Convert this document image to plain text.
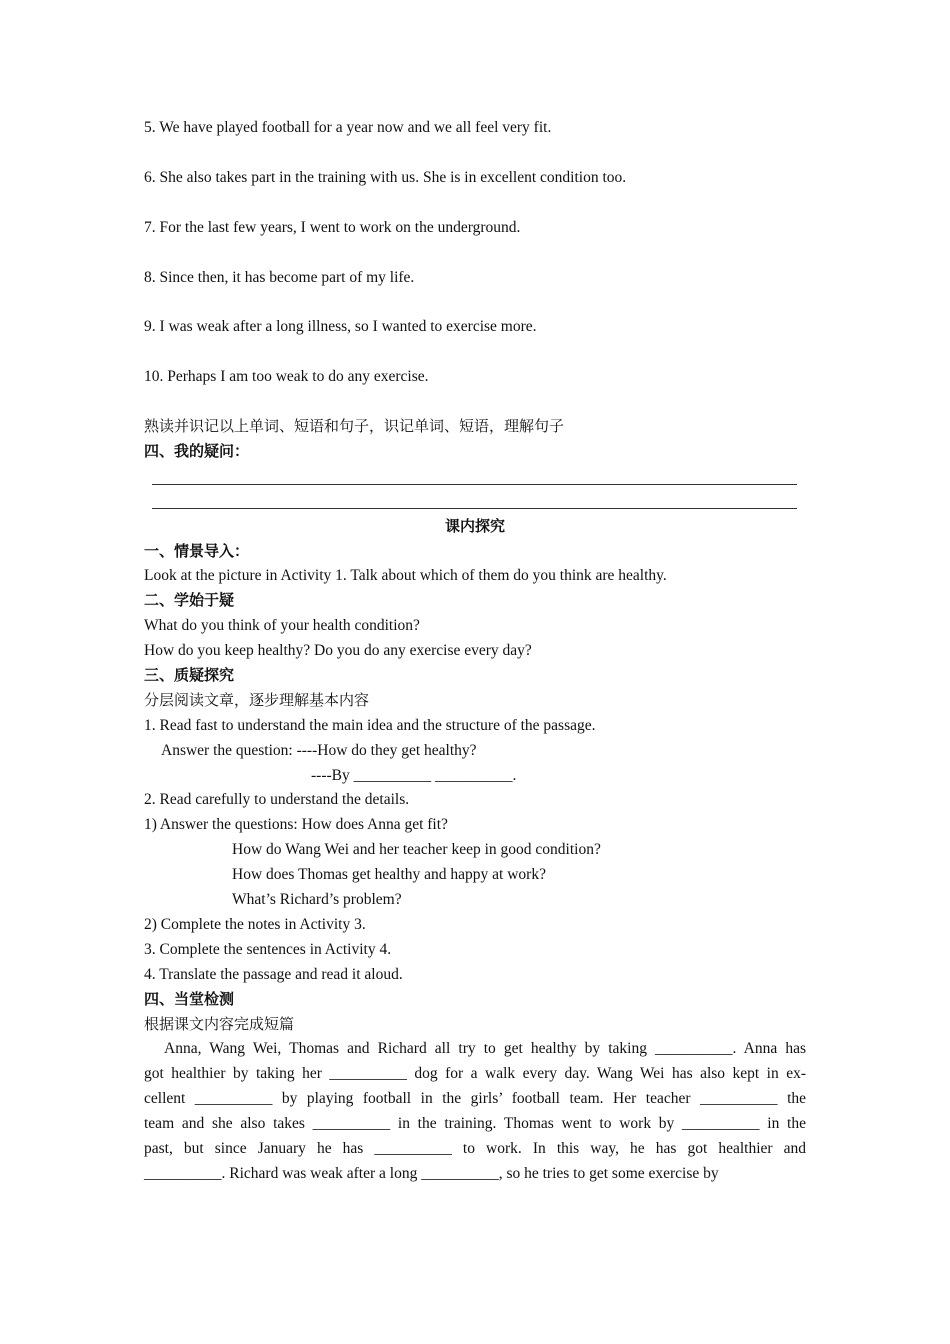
5. We have played football for a year now and we all feel very fit.
6. She also takes part in the training with us. She is in excellent condition too.
7. For the last few years, I went to work on the underground.
8. Since then, it has become part of my life.
9. I was weak after a long illness, so I wanted to exercise more.
10. Perhaps I am too weak to do any exercise.
熟读并识记以上单词、短语和句子，识记单词、短语，理解句子
四、我的疑问：
课内探究
一、情景导入：
Look at the picture in Activity 1. Talk about which of them do you think are healthy.
二、学始于疑
What do you think of your health condition?
How do you keep healthy? Do you do any exercise every day?
三、质疑探究
分层阅读文章，逐步理解基本内容
1. Read fast to understand the main idea and the structure of the passage.
Answer the question: ----How do they get healthy?
----By __________ __________.
2. Read carefully to understand the details.
1) Answer the questions: How does Anna get fit?
How do Wang Wei and her teacher keep in good condition?
How does Thomas get healthy and happy at work?
What’s Richard’s problem?
2) Complete the notes in Activity 3.
3. Complete the sentences in Activity 4.
4. Translate the passage and read it aloud.
四、当堂检测
根据课文内容完成短篇
Anna, Wang Wei, Thomas and Richard all try to get healthy by taking __________. Anna has
got healthier by taking her __________ dog for a walk every day. Wang Wei has also kept in ex-
cellent __________ by playing football in the girls’ football team. Her teacher __________ the
team and she also takes __________ in the training. Thomas went to work by __________ in the
past, but since January he has __________ to work. In this way, he has got healthier and
__________. Richard was weak after a long __________, so he tries to get some exercise by
